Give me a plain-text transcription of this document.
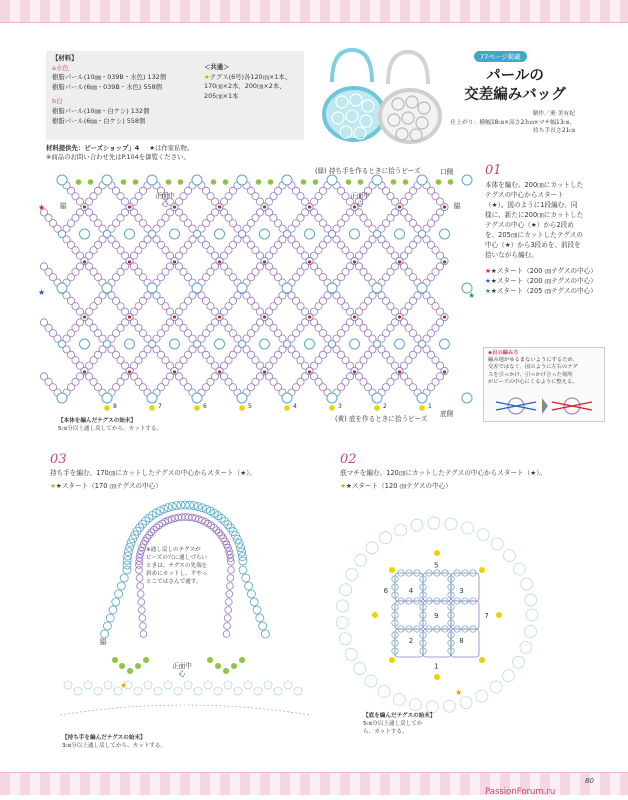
【材料】
a水色
樹脂パール(10㎜・039B・水色) 132個
樹脂パール(6㎜・039B・水色) 558個
b白
樹脂パール(10㎜・白ケシ) 132個
樹脂パール(6㎜・白ケシ) 558個
＜共通＞
★テグス(6号)各120㎝×1本、
170㎝×2本、200㎝×2本、
205㎝×1本
材料提供先：ビーズショップ」4 ★は作家私物。
※商品のお問い合わせ先はP.104を御覧ください。
77ページ掲載
パールの
交差編みバッグ
制作／奥 美有紀
仕上がり：横幅18㎝×高さ23㎝×マチ幅13㎝、
持ち手長さ21㎝
8	7	6	5	4	3	2	1
★
★	★
(緑) 持ち手を作るときに拾うビーズ	口側
脇	脇
正面中心
正面中心
(黄) 底を作るときに拾うビーズ
底側
【本体を編んだテグスの始末】
5㎝分以上通し戻してから、カットする。
01
本体を編む。200㎝にカットした
テグスの中心からスタート
（★）。図のように1段編む。同
様に、新たに200㎝にカットした
テグスの中心（★）から2段め
を、205㎝にカットしたテグスの
中心（★）から3段めを、前段を
拾いながら編む。
★★スタート（200 ㎝テグスの中心）
★★スタート（200 ㎝テグスの中心）
★★スタート（205 ㎝テグスの中心）
◆目の編み方
編み地がゆるまないようにするため、
交差ではなく、図のように左右のテグ
スを引っかけ、引っかけ合った場所
がビーズの中心にくるように整える。
03
持ち手を編む。170㎝にカットしたテグスの中心からスタート（★）。
★★スタート（170 ㎝テグスの中心）
★
※通し戻しのテグスが
ビーズの穴に通しづらい
ときは、テグスの先端を
斜めにカットし、平やっ
とこではさんで通す。
脇
正面中心
【持ち手を編んだテグスの始末】
3㎝分以上通し戻してから、カットする。
02
底マチを編む。120㎝にカットしたテグスの中心からスタート（★）。
★★スタート（120 ㎝テグスの中心）
1
2
3
4
5
6
7
8
9
★
【底を編んだテグスの始末】
5㎝分以上通し戻してか
ら、カットする。
80
PassionForum.ru
